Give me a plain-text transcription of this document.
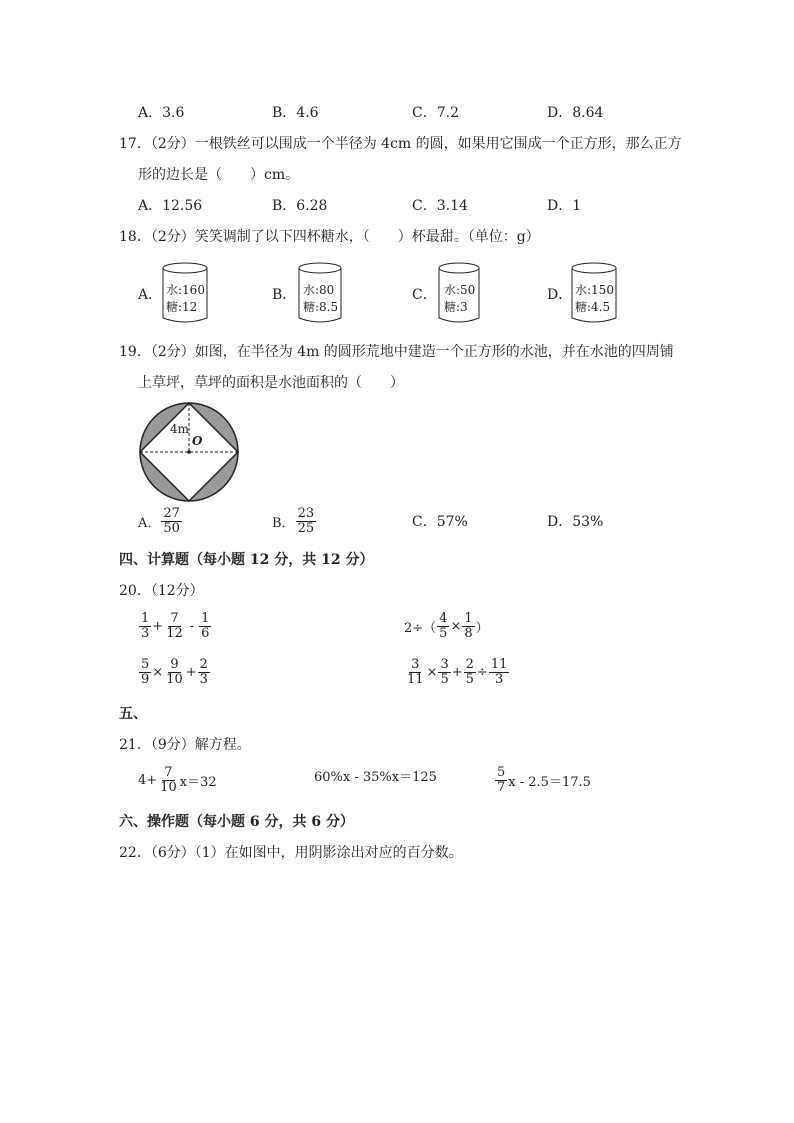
A．3.6	B．4.6	C．7.2	D．8.64
17．（2分）一根铁丝可以围成一个半径为 4cm 的圆，如果用它围成一个正方形，那么正方
形的边长是（　　）cm。
A．12.56	B．6.28	C．3.14	D．1
18．（2分）笑笑调制了以下四杯糖水，（　　）杯最甜。（单位：g）
A． 水:160
糖:12
B． 水:80
糖:8.5
C． 水:50
糖:3
D． 水:150
糖:4.5
19．（2分）如图，在半径为 4m 的圆形荒地中建造一个正方形的水池，并在水池的四周铺
上草坪，草坪的面积是水池面积的（　　）
4m
O
A． $\frac{27}{50}$	B． $\frac{23}{25}$	C．57%	D．53%
四、计算题（每小题 12 分，共 12 分）
20．（12分）
$\frac{1}{3} + \frac{7}{12} - \frac{1}{6}$	$2\div( \frac{4}{5} \times \frac{1}{8}$ ）
$\frac{5}{9} \times \frac{9}{10} + \frac{2}{3}$	$\frac{3}{11} \times \frac{3}{5} + \frac{2}{5} \div \frac{11}{3}$
五、
21．（9分）解方程。
$4+ \frac{7}{10} x=32$	60%x - 35%x＝125	$\frac{5}{7}$ x - 2.5＝17.5
六、操作题（每小题 6 分，共 6 分）
22．（6分）（1）在如图中，用阴影涂出对应的百分数。
